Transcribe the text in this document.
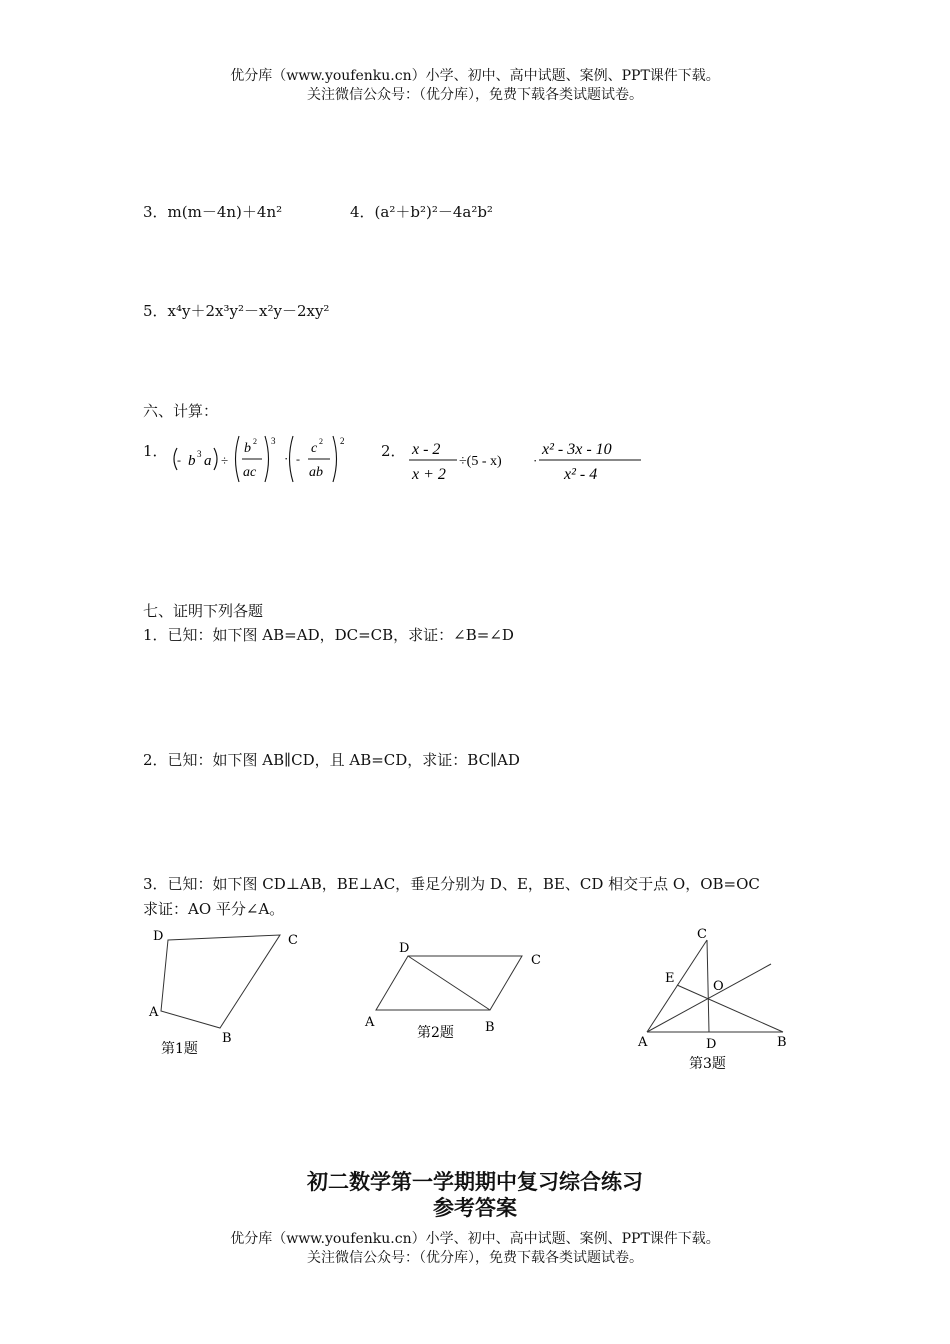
优分库（www.youfenku.cn）小学、初中、高中试题、案例、PPT课件下载。
关注微信公众号：（优分库），免费下载各类试题试卷。
3．m(m－4n)＋4n²	4．(a²＋b²)²－4a²b²
5．x⁴y＋2x³y²－x²y－2xy²
六、计算：
1．	2．
- b 3 a ÷
b 2
ac
3
· -
c 2
ab
2	x - 2
x + 2
÷(5 - x) ·
x² - 3x - 10
x² - 4
七、证明下列各题
1．已知：如下图 AB=AD，DC=CB，求证：∠B=∠D
2．已知：如下图 AB∥CD，且 AB=CD，求证：BC∥AD
3．已知：如下图 CD⊥AB，BE⊥AC，垂足分别为 D、E，BE、CD 相交于点 O，OB=OC
求证：AO 平分∠A。
D	C
A
B
第1题
D
C
A	B
第2题
C
E
O
A	D	B
第3题
初二数学第一学期期中复习综合练习
参考答案
优分库（www.youfenku.cn）小学、初中、高中试题、案例、PPT课件下载。
关注微信公众号：（优分库），免费下载各类试题试卷。
